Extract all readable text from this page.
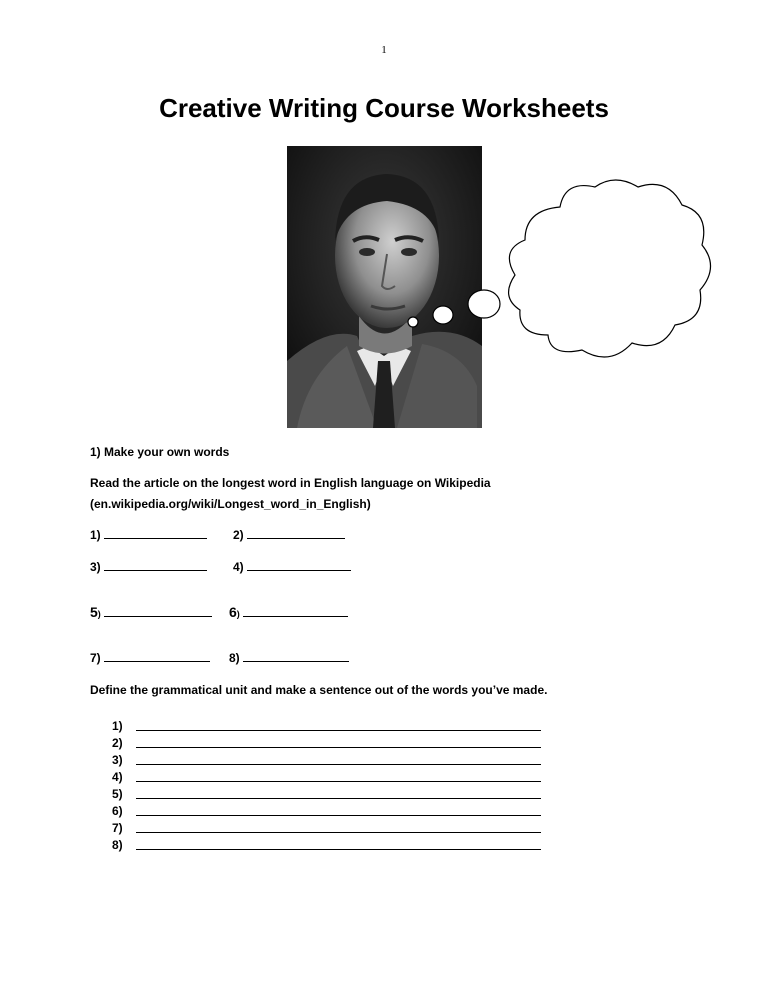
1
Creative Writing Course Worksheets
1) Make your own words
Read the article on the longest word in English language on Wikipedia
(en.wikipedia.org/wiki/Longest_word_in_English)
1)	2)
3)	4)
5)	6)
7)	8)
Define the grammatical unit and make a sentence out of the words you’ve made.
1)
2)
3)
4)
5)
6)
7)
8)
